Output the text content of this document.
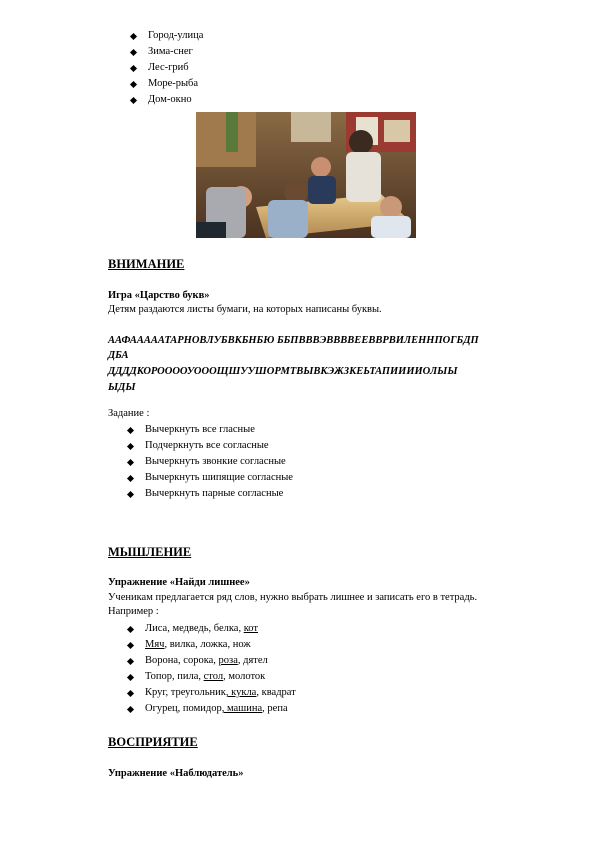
Город-улица
Зима-снег
Лес-гриб
Море-рыба
Дом-окно
ВНИМАНИЕ
Игра «Царство букв»
Детям раздаются листы бумаги, на которых написаны буквы.
ААФАААААТАРНОВЛУБВКБНБЮ ББПВВВЭВВВВЕЕВВРВИЛЕННПОГБДП
ДБА
ДДДДКОРООООУОООЩШУУШОРМТВЫВКЭЖЗКЕЬТАПИИИИОЛЫЫ
ЫДЫ
Задание :
Вычеркнуть все гласные
Подчеркнуть все согласные
Вычеркнуть звонкие согласные
Вычеркнуть шипящие согласные
Вычеркнуть парные согласные
МЫШЛЕНИЕ
Упражнение «Найди лишнее»
Ученикам предлагается ряд слов, нужно выбрать лишнее и записать его в тетрадь.
Например :
Лиса, медведь, белка, кот
Мяч, вилка, ложка, нож
Ворона, сорока, роза, дятел
Топор, пила, стол, молоток
Круг, треугольник, кукла, квадрат
Огурец, помидор, машина, репа
ВОСПРИЯТИЕ
Упражнение «Наблюдатель»
